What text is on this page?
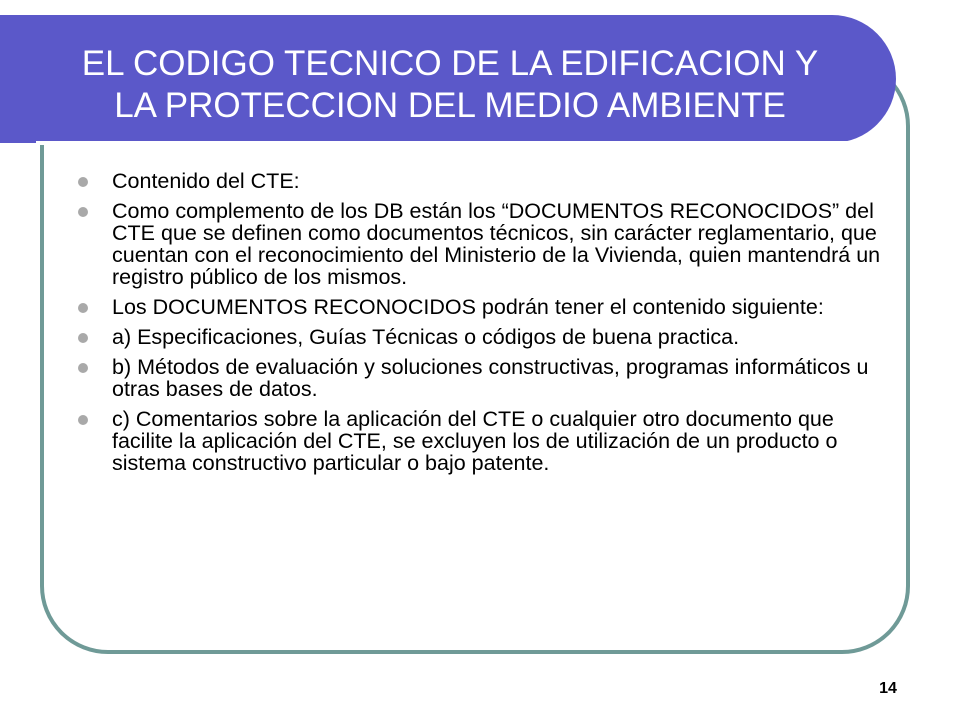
EL CODIGO TECNICO DE LA EDIFICACION Y
LA PROTECCION DEL MEDIO AMBIENTE
Contenido del CTE:
Como complemento de los DB están los “DOCUMENTOS RECONOCIDOS” del CTE que se definen como documentos técnicos, sin carácter reglamentario, que cuentan con el reconocimiento del Ministerio de la Vivienda, quien mantendrá un registro público de los mismos.
Los DOCUMENTOS RECONOCIDOS podrán tener el contenido siguiente:
a) Especificaciones, Guías Técnicas o códigos de buena practica.
b) Métodos de evaluación y soluciones constructivas, programas informáticos u otras bases de datos.
c) Comentarios sobre la aplicación del CTE o cualquier otro documento que facilite la aplicación del CTE, se excluyen los de utilización de un producto o sistema constructivo particular o bajo patente.
14
